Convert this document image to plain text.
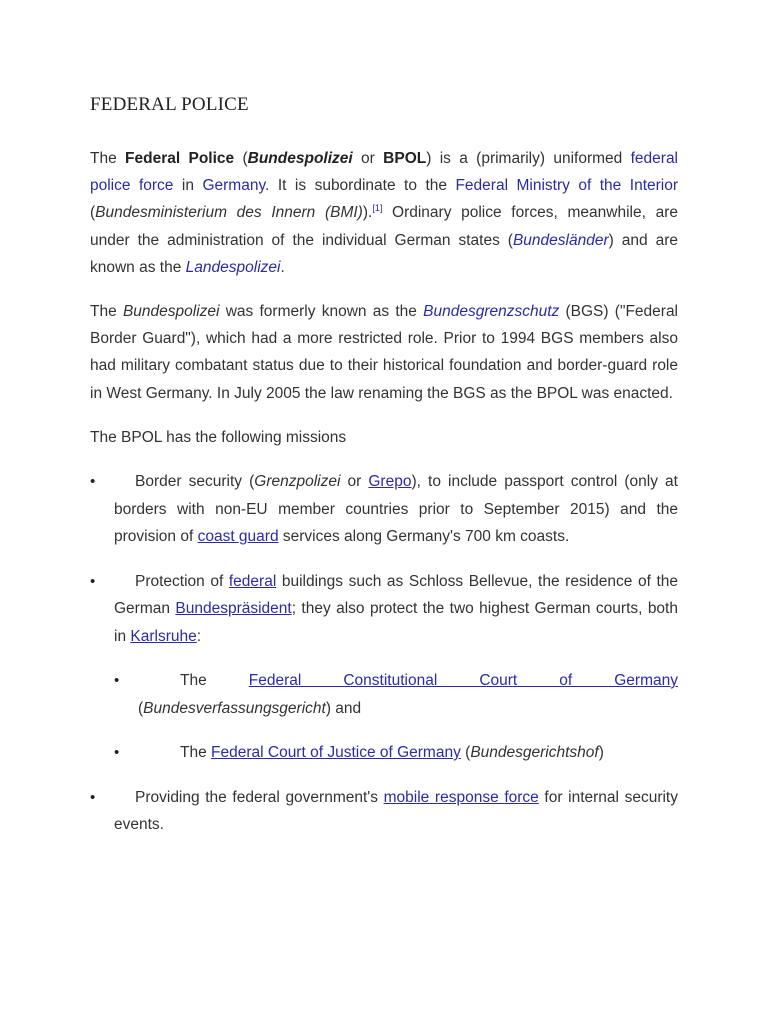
FEDERAL POLICE

The Federal Police (Bundespolizei or BPOL) is a (primarily) uniformed federal police force in Germany. It is subordinate to the Federal Ministry of the Interior (Bundesministerium des Innern (BMI)).[1] Ordinary police forces, meanwhile, are under the administration of the individual German states (Bundesländer) and are known as the Landespolizei.

The Bundespolizei was formerly known as the Bundesgrenzschutz (BGS) ("Federal Border Guard"), which had a more restricted role. Prior to 1994 BGS members also had military combatant status due to their historical foundation and border-guard role in West Germany. In July 2005 the law renaming the BGS as the BPOL was enacted.

The BPOL has the following missions

•	Border security (Grenzpolizei or Grepo), to include passport control (only at borders with non-EU member countries prior to September 2015) and the provision of coast guard services along Germany's 700 km coasts.
•	Protection of federal buildings such as Schloss Bellevue, the residence of the German Bundespräsident; they also protect the two highest German courts, both in Karlsruhe:
•	The Federal Constitutional Court of Germany (Bundesverfassungsgericht) and
•	The Federal Court of Justice of Germany (Bundesgerichtshof)
•	Providing the federal government's mobile response force for internal security events.
